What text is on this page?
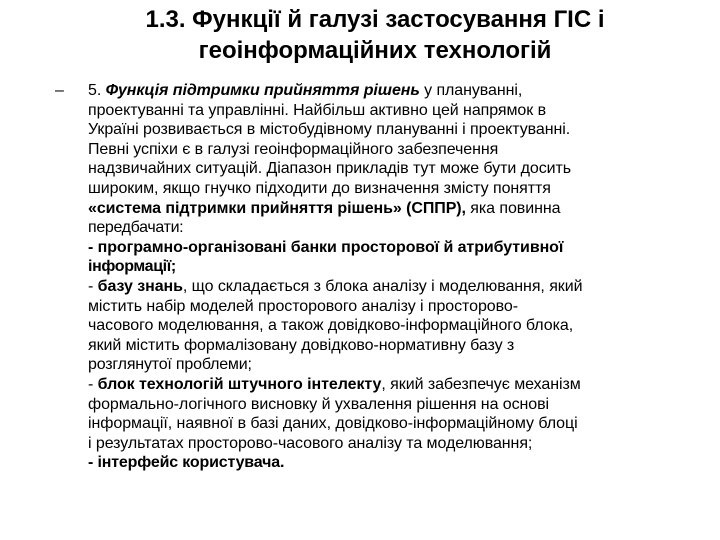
1.3. Функції й галузі застосування ГІС і
геоінформаційних технологій
– 5. Функція підтримки прийняття рішень у плануванні,
проектуванні та управлінні. Найбільш активно цей напрямок в
Україні розвивається в містобудівному плануванні і проектуванні.
Певні успіхи є в галузі геоінформаційного забезпечення
надзвичайних ситуацій. Діапазон прикладів тут може бути досить
широким, якщо гнучко підходити до визначення змісту поняття
«система підтримки прийняття рішень» (СППР), яка повинна
передбачати:
- програмно-організовані банки просторової й атрибутивної
інформації;
- базу знань, що складається з блока аналізу і моделювання, який
містить набір моделей просторового аналізу і просторово-
часового моделювання, а також довідково-інформаційного блока,
який містить формалізовану довідково-нормативну базу з
розглянутої проблеми;
- блок технологій штучного інтелекту, який забезпечує механізм
формально-логічного висновку й ухвалення рішення на основі
інформації, наявної в базі даних, довідково-інформаційному блоці
і результатах просторово-часового аналізу та моделювання;
- інтерфейс користувача.
